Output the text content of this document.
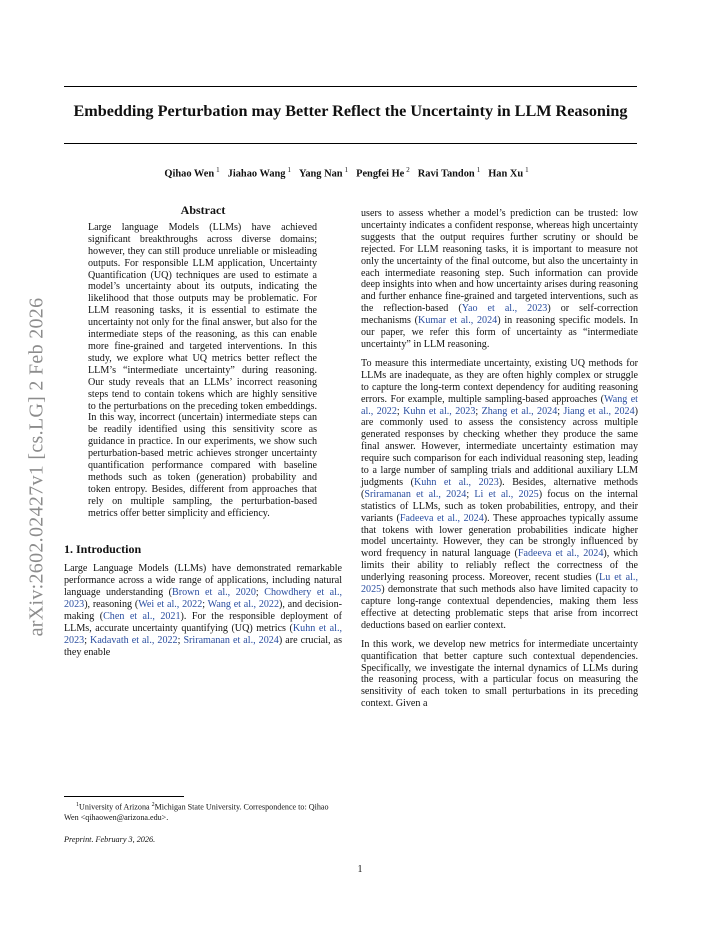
Embedding Perturbation may Better Reflect the Uncertainty in LLM Reasoning
Qihao Wen $^1$ Jiahao Wang $^1$ Yang Nan $^1$ Pengfei He $^2$ Ravi Tandon $^1$ Han Xu $^1$
arXiv:2602.02427v1 [cs.LG] 2 Feb 2026
Abstract

Large language Models (LLMs) have achieved significant breakthroughs across diverse domains; however, they can still produce unreliable or misleading outputs. For responsible LLM application, Uncertainty Quantification (UQ) techniques are used to estimate a model’s uncertainty about its outputs, indicating the likelihood that those outputs may be problematic. For LLM reasoning tasks, it is essential to estimate the uncertainty not only for the final answer, but also for the intermediate steps of the reasoning, as this can enable more fine-grained and targeted interventions. In this study, we explore what UQ metrics better reflect the LLM’s “intermediate uncertainty” during reasoning. Our study reveals that an LLMs’ incorrect reasoning steps tend to contain tokens which are highly sensitive to the perturbations on the preceding token embeddings. In this way, incorrect (uncertain) intermediate steps can be readily identified using this sensitivity score as guidance in practice. In our experiments, we show such perturbation-based metric achieves stronger uncertainty quantification performance compared with baseline methods such as token (generation) probability and token entropy. Besides, different from approaches that rely on multiple sampling, the perturbation-based metrics offer better simplicity and efficiency.

1. Introduction

Large Language Models (LLMs) have demonstrated remarkable performance across a wide range of applications, including natural language understanding (Brown et al., 2020; Chowdhery et al., 2023), reasoning (Wei et al., 2022; Wang et al., 2022), and decision-making (Chen et al., 2021). For the responsible deployment of LLMs, accurate uncertainty quantifying (UQ) metrics (Kuhn et al., 2023; Kadavath et al., 2022; Sriramanan et al., 2024) are crucial, as they enable

users to assess whether a model’s prediction can be trusted: low uncertainty indicates a confident response, whereas high uncertainty suggests that the output requires further scrutiny or should be rejected. For LLM reasoning tasks, it is important to measure not only the uncertainty of the final outcome, but also the uncertainty in each intermediate reasoning step. Such information can provide deep insights into when and how uncertainty arises during reasoning and further enhance fine-grained and targeted interventions, such as the reflection-based (Yao et al., 2023) or self-correction mechanisms (Kumar et al., 2024) in reasoning specific models. In our paper, we refer this form of uncertainty as “intermediate uncertainty” in LLM reasoning.

To measure this intermediate uncertainty, existing UQ methods for LLMs are inadequate, as they are often highly complex or struggle to capture the long-term context dependency for auditing reasoning errors. For example, multiple sampling-based approaches (Wang et al., 2022; Kuhn et al., 2023; Zhang et al., 2024; Jiang et al., 2024) are commonly used to assess the consistency across multiple generated responses by checking whether they produce the same final answer. However, intermediate uncertainty estimation may require such comparison for each individual reasoning step, leading to a large number of sampling trials and additional auxiliary LLM judgments (Kuhn et al., 2023). Besides, alternative methods (Sriramanan et al., 2024; Li et al., 2025) focus on the internal statistics of LLMs, such as token probabilities, entropy, and their variants (Fadeeva et al., 2024). These approaches typically assume that tokens with lower generation probabilities indicate higher model uncertainty. However, they can be strongly influenced by word frequency in natural language (Fadeeva et al., 2024), which limits their ability to reliably reflect the correctness of the underlying reasoning process. Moreover, recent studies (Lu et al., 2025) demonstrate that such methods also have limited capacity to capture long-range contextual dependencies, making them less effective at detecting problematic steps that arise from incorrect deductions based on earlier context.

In this work, we develop new metrics for intermediate uncertainty quantification that better capture such contextual dependencies. Specifically, we investigate the internal dynamics of LLMs during the reasoning process, with a particular focus on measuring the sensitivity of each token to small perturbations in its preceding context. Given a

$^1$University of Arizona $^2$Michigan State University. Correspondence to: Qihao Wen <qihaowen@arizona.edu>.
Preprint. February 3, 2026.
1
